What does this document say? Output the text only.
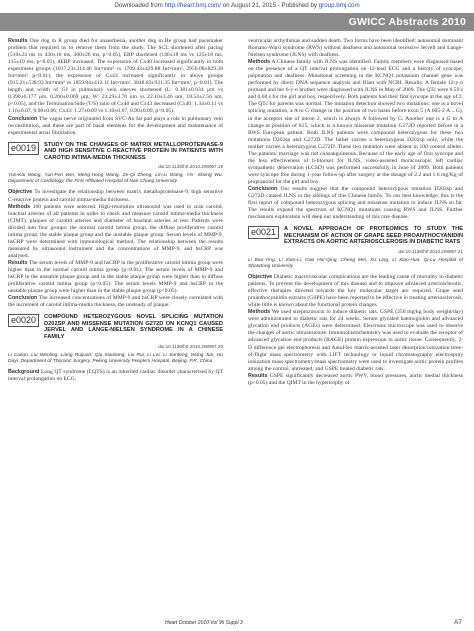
Downloaded from http://heart.bmj.com/ on August 21, 2015 - Published by group.bmj.com
GWICC Abstracts 2010

Results One dog in R group died for anaesthesia, another dog in Re group had pacemaker problem that required us to remove them from the study. The SCL shortened after pacing (510±24 ms vs 430±18 ms, 300±26 ms, p<0.05), ERP shortened (146±18 ms vs 125±18 ms, 115±19 ms, p<0.01), dERP increased. The expression of Cx40 increased significantly in both experiment groups (1017.23±314.46 Int×mm² vs 1709.43±429.88 Int×mm², 2956.08±829.38 Int×mm² p<0.01), the expression of Cx43 increased significantly in above groups (915.21±538.93 Int×mm² vs 1859.94±412.11 Int×mm², 3048.83±931.35 Int×mm², p<0.01). The length and width of GJ in pulmonary vein sleeves shortened (L: 0.381±0.034 μm vs 0.390±0.177 μm, 0.260±0.069 μm; W: 23.29±3.70 nm vs 22.10±3.46 nm, 18.54±2.56 nm, p<0.05), and the Termination/Side (T/S) ratio of Cx40 and Cx43 decreased (Cx40: 1.34±0.11 vs 1.16±0.07, 0.98±0.06; Cx43: 1.27±0.09 vs 1.10±0.07, 0.90±0.09, p<0.05).

Conclusion The vagus nerve originated from SVC-Ao fat pad plays a role in pulmonary vein reconstitution, and these are part of basal elements for the development and maintenance of experimental atrial fibrillation.

e0019	STUDY ON THE CHANGES OF MATRIX METALLOPROTEINASE-9 AND HIGH SENSITIVE C-REACTIVE PROTEIN IN PATIENTS WITH CAROTID INTIMA-MEDIA THICKNESS
doi:10.1136/hrt.2010.208967.19
Yun-Kai Wang, Yun-Fen Wei, Meng-Hong Wang, Ze-Qi Zheng, Lin-Li Wang, Yin- Sheng Wu. Department of Cardiology, the First Affiliated Hospital of Nan Chang University

Objective To investigate the relationship between matrix metalloproteinase-9, high sensitive C-reactive protein and carotid intima-media thickness.

Methods 100 patients were selected. High-resolution ultrasound was used to scan carotid, brachial arteries of all patients in order to check and measure carotid intima-media thickness (CIMT), plaques of carotid arteries and diameter of brachial arteries at rest. Patients were divided into four groups: the normal carotid intima group, the diffuse proliferative carotid intima group, the stable plaque group and the unstable plaque group. Serum levels of MMP-9, hsCRP were determined with immunological method. The relationship between the results measured by ultrasound instrument and the concentrations of MMP-9, and hsCRP was analysed.

Results The serum levels of MMP-9 and hsCRP in the proliferative carotid intima group were higher than in the normal carotid intima group (p<0.01). The serum levels of MMP-9 and hsCRP in the unstable plaque group and in the stable plaque group were higher than in diffuse proliferative carotid intima group (p<0.05). The serum levels MMP-9 and hsCRP in the unstable plaque group were higher than in the stable plaque group (p<0.05).

Conclusion The increased concentrations of MMP-9 and hsCRP were closely correlated with the increment of carotid intima-media thickness, the unsteady of plaque.

e0020	COMPOUND HETEROZYGOUS NOVEL SPLICING MUTATION D202SP AND MISSENSE MUTATION G272D ON KCNQ1 CAUSED JERVEL AND LANGE-NIELSEN SYNDROME IN A CHINESE FAMILY
doi:10.1136/hrt.2010.208967.20
Li Culian, Liu Wenling, Liang Ruijuan, Qiu Xiaoliang, Liu Rui, Li Lei, Li Jianfeng, Wang Jun, Hu Dayi. Department of Thoracic Surgery, Peking University People's Hospital, Beijing, P.R. China

Background Long QT syndrome (LQTS) is an inherited cardiac disorder characterised by QT interval prolongation on ECG,

ventricular arrhythmias and sudden death. Two forms have been identified: autosomal dominant Romano-Ward syndrome (RWS) without deafness and autosomal recessive Jervell and Lange-Nielsen syndrome (JLNS) with deafness.

Methods A Chinese family with JLNS was identified. Family members were diagnosed based on the presence of a QT interval prolongation on 12-lead ECG and a history of syncope, palpitation and deafness. Mutational screening in the KCNQ1 potassium channel gene was performed by direct DNA sequence analysis and Blast with NCBI. Results: A female 12-y-o proband and her 6-y-o brother were diagnosed with JLNS in May of 2009. The QTc were 0.59 s and 0.60 s for the girl and boy, respectively. Both patients had their first syncope at the age of 2. The QTc for parents was normal. The mutation detection showed two mutations: one is a novel splicing mutation, a A to G change in the position of two bases before exon 5 (A 605-2 A→G), in the acceptor site of intron 2, which is always A followed by G. Another one is a G to A change at position of 815, which is a known missense mutation G272D reported before in a RWS European patient. Both JLNS patients were compound heterozygous for these two mutations D202sp and G272D. The father carries a heterozygous D202sp only, while the mother carries a heterozygous G272D. These two mutation were absent in 100 control alleles. The patients' marriage was not consanguineous. Because of the early age of first syncope and the less effectiveness of b-blocker for JLNS, video-assisted thoracoscopic left cardiac sympathetic denervation (LCSD) was performed successfully in June of 2009. Both patients were syncope free during 1-year follow-up after surgery at the dosage of 2.2 and 1.6 mg/Kg of propranolol for the girl and boy.

Conclusion Our results suggest that the compound heterozygous mutation D202sp and G272D caused JLNS in the siblings of this Chinese family. To our best knowledge, this is the first report of compound heterozygous splicing and missense mutation to induce JLNS so far. The results expand the spectrum of KCNQ1 mutations causing RWS and JLNS. Further mechanism exploration will deep our understanding of this rare disease.

e0021	A NOVEL APPROACH OF PROTEOMICS TO STUDY THE MECHANISM OF ACTION OF GRAPE SEED PROANTHOCYANIDIN EXTRACTS ON AORTIC ARTERIOSCLEROSIS IN DIABETIC RATS
doi:10.1136/hrt.2010.208967.21
Li Bao-Ying, Li Xiao-Li, Gao Hai-Qing, Cheng Mei, Xu Ling, Li Xian-Hua. Qi-Lu Hospital of Shandong University

Objective Diabetic macrovascular complications are the leading cause of mortality in diabetic patients. To prevent the development of this disease and to improve advanced arteriosclerotic, effective therapies directed towards the key molecular target are required. Grape seed proanthocyanidin extracts (GSPE) have been reported to be effective in treating arteriosclerosis, while little is known about the functional protein changes.

Methods We used streptozotocin to induce diabetic rats. GSPE (250 mg/kg body weight/day) were administrated to diabetic rats for 24 weeks. Serum glycated haemoglobin and advanced glycation end products (AGEs) were determined. Electronic microscope was used to observe the changes of aortic ultrastructure. Immunohistochemistry was used to evaluate the receptor of advanced glycation end products (RAGE) protein expression in aortic tissue. Consequently, 2-D difference gel electrophoresis and AutoFlex matrix-assisted laser desorption/ionization time-of-flight mass spectrometry with LIFT technology or liquid chromatography electrospray ionization mass spectrometry/mass spectrometry were used to investigate aortic protein profiles among the control, untreated, and GSPE treated diabetic rats.

Results GSPE significantly decreased aortic PWV, blood pressures, aortic medial thickness (p<0.05) and the QIMT in the hypertrophy of

Heart October 2010 Vol 96 Suppl 3	A7
